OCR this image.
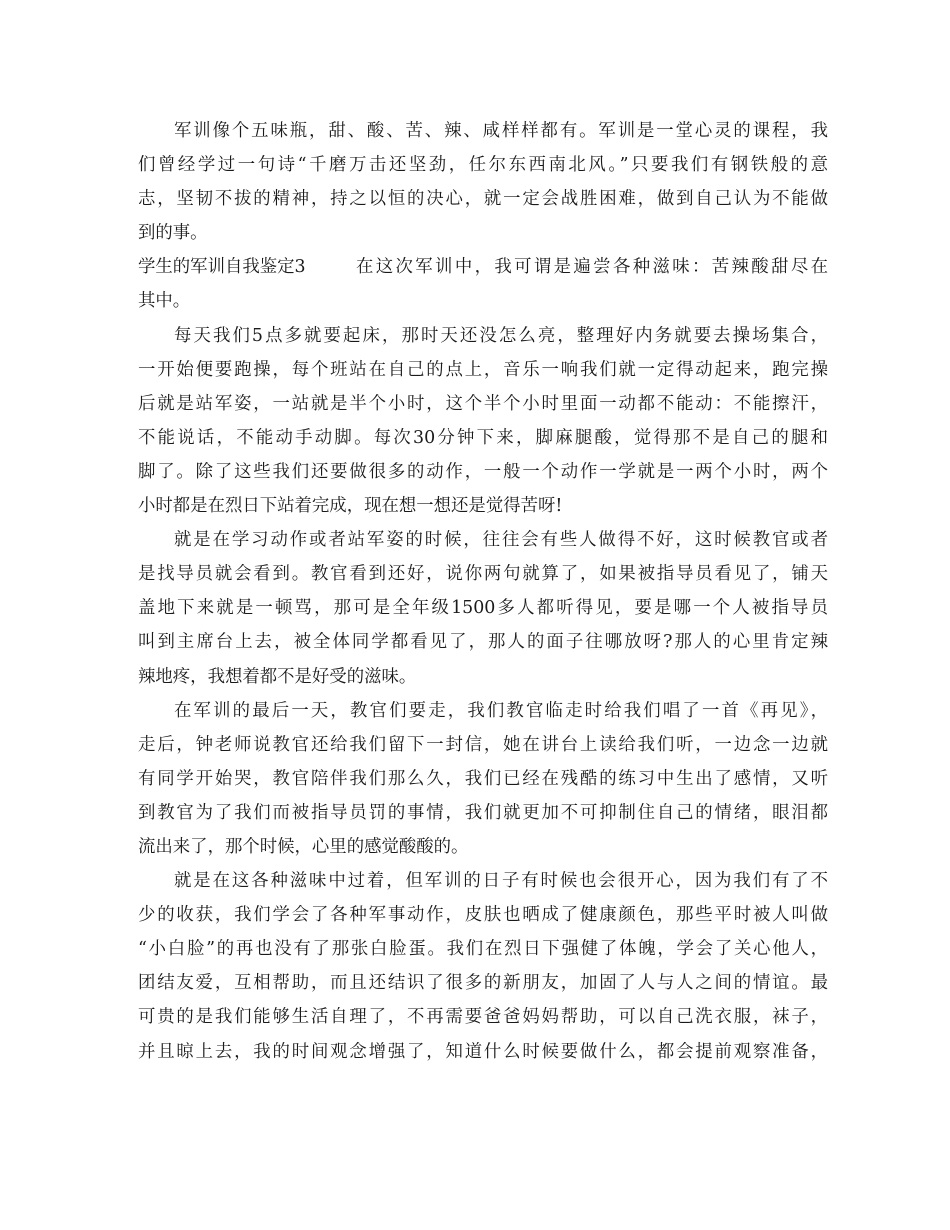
军训像个五味瓶，甜、酸、苦、辣、咸样样都有。军训是一堂心灵的课程，我
们曾经学过一句诗“千磨万击还坚劲，任尔东西南北风。”只要我们有钢铁般的意
志，坚韧不拔的精神，持之以恒的决心，就一定会战胜困难，做到自己认为不能做
到的事。
学生的军训自我鉴定3	在这次军训中，我可谓是遍尝各种滋味：苦辣酸甜尽在
其中。
每天我们5点多就要起床，那时天还没怎么亮，整理好内务就要去操场集合，
一开始便要跑操，每个班站在自己的点上，音乐一响我们就一定得动起来，跑完操
后就是站军姿，一站就是半个小时，这个半个小时里面一动都不能动：不能擦汗，
不能说话，不能动手动脚。每次30分钟下来，脚麻腿酸，觉得那不是自己的腿和
脚了。除了这些我们还要做很多的动作，一般一个动作一学就是一两个小时，两个
小时都是在烈日下站着完成，现在想一想还是觉得苦呀!
就是在学习动作或者站军姿的时候，往往会有些人做得不好，这时候教官或者
是找导员就会看到。教官看到还好，说你两句就算了，如果被指导员看见了，铺天
盖地下来就是一顿骂，那可是全年级1500多人都听得见，要是哪一个人被指导员
叫到主席台上去，被全体同学都看见了，那人的面子往哪放呀?那人的心里肯定辣
辣地疼，我想着都不是好受的滋味。
在军训的最后一天，教官们要走，我们教官临走时给我们唱了一首《再见》，
走后，钟老师说教官还给我们留下一封信，她在讲台上读给我们听，一边念一边就
有同学开始哭，教官陪伴我们那么久，我们已经在残酷的练习中生出了感情，又听
到教官为了我们而被指导员罚的事情，我们就更加不可抑制住自己的情绪，眼泪都
流出来了，那个时候，心里的感觉酸酸的。
就是在这各种滋味中过着，但军训的日子有时候也会很开心，因为我们有了不
少的收获，我们学会了各种军事动作，皮肤也晒成了健康颜色，那些平时被人叫做
“小白脸”的再也没有了那张白脸蛋。我们在烈日下强健了体魄，学会了关心他人，
团结友爱，互相帮助，而且还结识了很多的新朋友，加固了人与人之间的情谊。最
可贵的是我们能够生活自理了，不再需要爸爸妈妈帮助，可以自己洗衣服，袜子，
并且晾上去，我的时间观念增强了，知道什么时候要做什么，都会提前观察准备，
